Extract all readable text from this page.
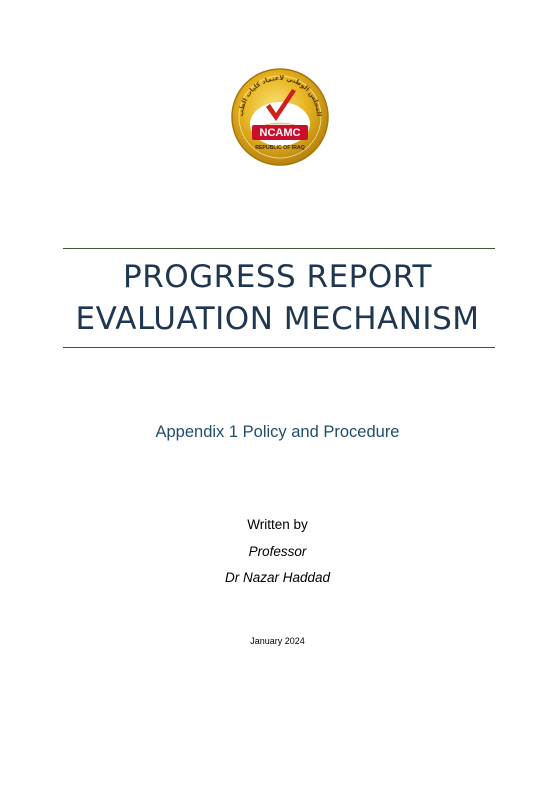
المجلس الوطني لاعتماد كليات الطب
NCAMC
REPUBLIC OF IRAQ
PROGRESS REPORT
EVALUATION MECHANISM
Appendix 1 Policy and Procedure
Written by
Professor
Dr Nazar Haddad
January 2024
